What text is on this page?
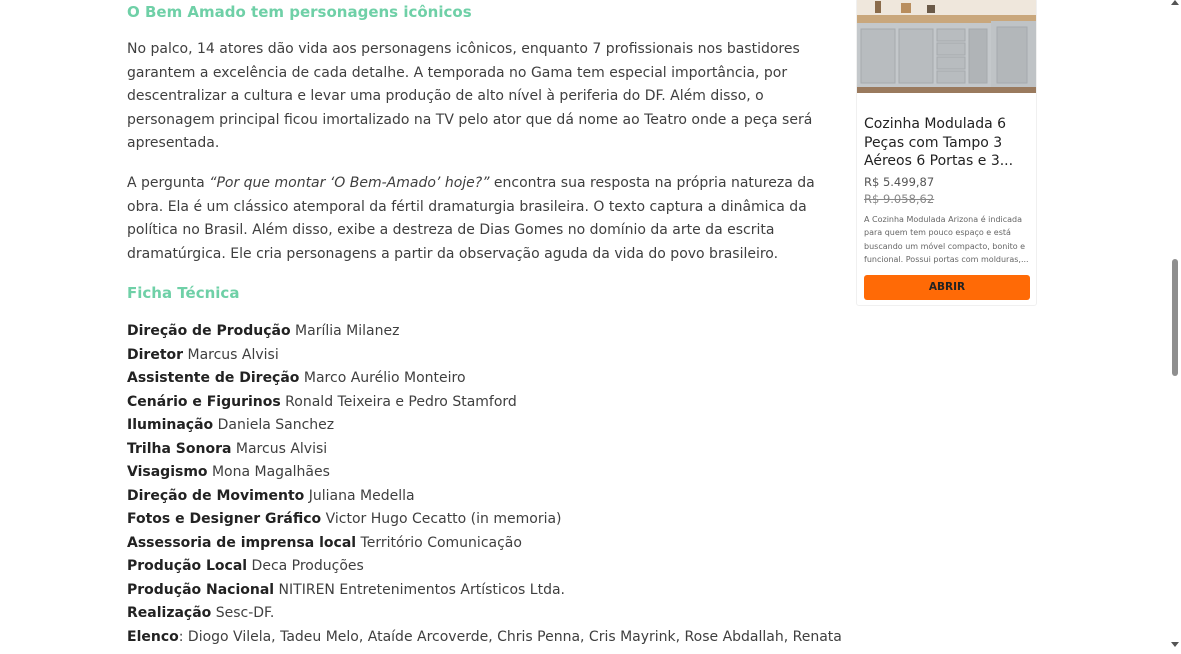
O Bem Amado tem personagens icônicos

No palco, 14 atores dão vida aos personagens icônicos, enquanto 7 profissionais nos bastidores garantem a excelência de cada detalhe. A temporada no Gama tem especial importância, por descentralizar a cultura e levar uma produção de alto nível à periferia do DF. Além disso, o personagem principal ficou imortalizado na TV pelo ator que dá nome ao Teatro onde a peça será apresentada.

A pergunta “Por que montar ‘O Bem-Amado’ hoje?” encontra sua resposta na própria natureza da obra. Ela é um clássico atemporal da fértil dramaturgia brasileira. O texto captura a dinâmica da política no Brasil. Além disso, exibe a destreza de Dias Gomes no domínio da arte da escrita dramatúrgica. Ele cria personagens a partir da observação aguda da vida do povo brasileiro.

Ficha Técnica

Direção de Produção Marília Milanez

Diretor Marcus Alvisi

Assistente de Direção Marco Aurélio Monteiro

Cenário e Figurinos Ronald Teixeira e Pedro Stamford

Iluminação Daniela Sanchez

Trilha Sonora Marcus Alvisi

Visagismo Mona Magalhães

Direção de Movimento Juliana Medella

Fotos e Designer Gráfico Victor Hugo Cecatto (in memoria)

Assessoria de imprensa local Território Comunicação

Produção Local Deca Produções

Produção Nacional NITIREN Entretenimentos Artísticos Ltda.

Realização Sesc-DF.

Elenco: Diogo Vilela, Tadeu Melo, Ataíde Arcoverde, Chris Penna, Cris Mayrink, Rose Abdallah, Renata

Cozinha Modulada 6 Peças com Tampo 3 Aéreos 6 Portas e 3...

R$ 5.499,87

R$ 9.058,62

A Cozinha Modulada Arizona é indicada para quem tem pouco espaço e está buscando um móvel compacto, bonito e funcional. Possui portas com molduras,...

ABRIR
